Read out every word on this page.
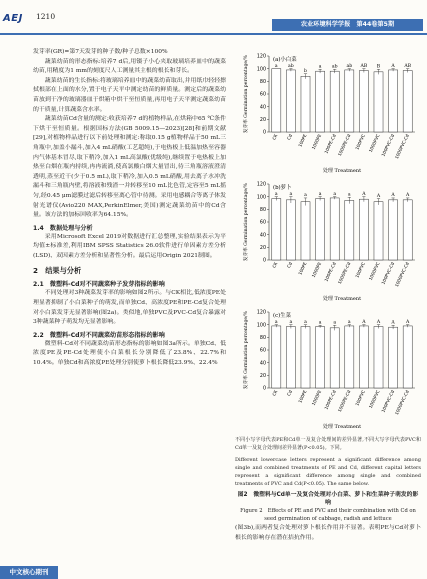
AEJ 1210
农业环境科学学报　第44卷第5期

发芽率(GR)=第7天发芽的种子数/种子总数×100%

蔬菜幼苗的形态指标:培养7 d后,用镊子小心夹取玻璃培养皿中的蔬菜幼苗,用精度为1 mm的刻度尺人工测量其主根的根长和芽长。

蔬菜幼苗的生长指标:将玻璃培养皿中的蔬菜幼苗取出,并用纸巾轻轻擦拭根部在上面的水分,置于电子天平中测定幼苗的鲜质量。测定后的蔬菜幼苗放到干净的玻璃器皿于烘箱中烘干至恒质量,再用电子天平测定蔬菜幼苗的干质量,计算蔬菜含水率。

蔬菜幼苗Cd含量的测定:收获培养7 d的植物样品,在烘箱中65 ℃条件下烘干至恒质量。根据国标方法(GB 5009.15—2023)[28]和前期文献[29],对植物样品进行以下前处理和测定:称取0.15 g植物样品于50 mL三角瓶中,加盖小漏斗,加入4 mL硝酸(工艺超纯),于电热板上低温加热至容器内气体基本冒尽,取下稍冷,加入1 mL高氯酸(优级纯),继续置于电热板上加热至白烟在瓶内持续,冉冉流淌,使高氯酸白烟大量冒出,待三角瓶溶液澄清透明,蒸至近干(少于0.5 mL),取下稍冷,加入0.5 mL硝酸,用去离子水冲洗漏斗和三角瓶内壁,将溶液和残渣一并转移至10 mL比色管,定容至5 mL摇匀,经0.45 μm滤膜过滤后转移至离心管中待测。采用电感耦合等离子体发射光谱仪(Avio220 MAX,PerkinElmer,美国)测定蔬菜幼苗中的Cd含量。该方法的加标回收率为64.15%。

1.4　数据处理与分析

采用Microsoft Excel 2019对数据进行汇总整理,实验结果表示为平均值±标准差,利用IBM SPSS Statistics 26.0软件进行单因素方差分析(LSD)、双因素方差分析和显著性分析。最后运用Origin 2021制图。

2　结果与分析
2.1　微塑料-Cd对不同蔬菜种子发芽指标的影响

不同处理对3种蔬菜发芽率的影响如图2所示。与CK相比,低浓度PE处理显著抑制了小白菜种子的萌发,而单独Cd、高浓度PE和PE-Cd复合处理对小白菜发芽无显著影响(图2a)。类似地,单独PVC及PVC-Cd复合暴露对3种蔬菜种子萌发均无显著影响。

2.2　微塑料-Cd对不同蔬菜幼苗形态指标的影响

微塑料-Cd对不同蔬菜幼苗形态指标的影响如图3a所示。单独Cd、低浓度PE及PE-Cd处理使小白菜根长分别降低了23.8%、22.7%和10.4%。单独Cd和高浓度PE处理分别使萝卜根长降低23.9%、22.4%

发芽率 Germination percentage/%
0
20
40
60
80
100
120 (a)小白菜
a
CK
ab
Cd
b
100PE
a
1000PE
ab
100PE-Cd
ab
1000PE-Cd
AB
100PVC
B
1000PVC
A
100PVC-Cd
AB
1000PVC-Cd
处理 Treatment
发芽率 Germination percentage/%
0
20
40
60
80
100
120 (b)萝卜
a
CK
a
Cd
a
100PE
a
1000PE
a
100PE-Cd
a
1000PE-Cd
A
100PVC
A
1000PVC
A
100PVC-Cd
A
1000PVC-Cd
处理 Treatment
发芽率 Germination percentage/%
0
20
40
60
80
100
120 (c)生菜
a
CK
a
Cd
a
100PE
a
1000PE
a
100PE-Cd
a
1000PE-Cd
A
100PVC
A
1000PVC
A
100PVC-Cd
A
1000PVC-Cd
处理 Treatment
不同小写字母代表PE和Cd单一及复合处理间的差异显著,不同大写字母代表PVC和Cd单一及复合处理间差异显著(P<0.05)。下同。
Different lowercase letters represent a significant difference among single and combined treatments of PE and Cd, different capital letters represent a significant difference among single and combined treatments of PVC and Cd(P<0.05). The same below.
图2　微塑料与Cd单一及复合处理对小白菜、萝卜和生菜种子萌发的影响
Figure 2　Effects of PE and PVC and their combination with Cd on seed germination of cabbage, radish and lettuce
(图3b),而两者复合处理对萝卜根长作用并不显著。表明PE与Cd对萝卜根长的影响存在潜在拮抗作用。
中文核心期刊
